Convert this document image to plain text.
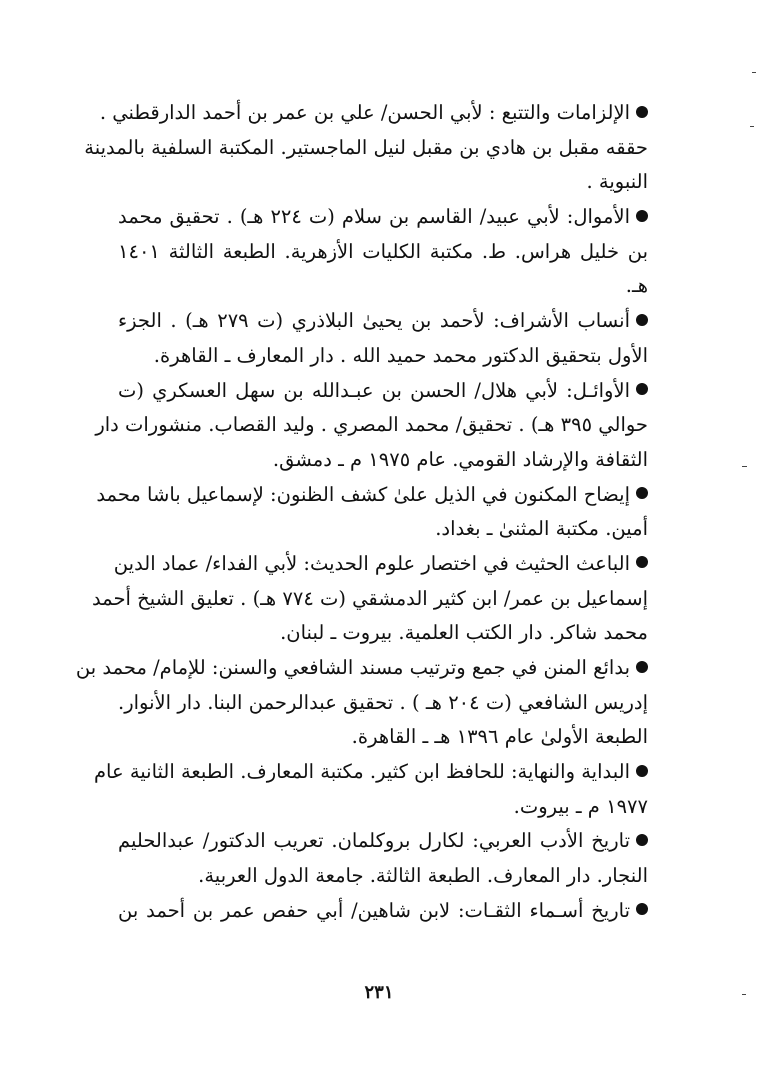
الإلزامات والتتبع : لأبي الحسن/ علي بن عمر بن أحمد الدارقطني .
حققه مقبل بن هادي بن مقبل لنيل الماجستير. المكتبة السلفية بالمدينة
النبوية .
الأموال: لأبي عبيد/ القاسم بن سلام (ت ٢٢٤ هـ) . تحقيق محمد
بن خليل هراس. ط. مكتبة الكليات الأزهرية. الطبعة الثالثة ١٤٠١
هـ.
أنساب الأشراف: لأحمد بن يحيىٰ البلاذري (ت ٢٧٩ هـ) . الجزء
الأول بتحقيق الدكتور محمد حميد الله . دار المعارف ـ القاهرة.
الأوائـل: لأبي هلال/ الحسن بن عبـدالله بن سهل العسكري (ت
حوالي ٣٩٥ هـ) . تحقيق/ محمد المصري . وليد القصاب. منشورات دار
الثقافة والإرشاد القومي. عام ١٩٧٥ م ـ دمشق.
إيضاح المكنون في الذيل علىٰ كشف الظنون: لإسماعيل باشا محمد
أمين. مكتبة المثنىٰ ـ بغداد.
الباعث الحثيث في اختصار علوم الحديث: لأبي الفداء/ عماد الدين
إسماعيل بن عمر/ ابن كثير الدمشقي (ت ٧٧٤ هـ) . تعليق الشيخ أحمد
محمد شاكر. دار الكتب العلمية. بيروت ـ لبنان.
بدائع المنن في جمع وترتيب مسند الشافعي والسنن: للإمام/ محمد بن
إدريس الشافعي (ت ٢٠٤ هـ ) . تحقيق عبدالرحمن البنا. دار الأنوار.
الطبعة الأولىٰ عام ١٣٩٦ هـ ـ القاهرة.
البداية والنهاية: للحافظ ابن كثير. مكتبة المعارف. الطبعة الثانية عام
١٩٧٧ م ـ بيروت.
تاريخ الأدب العربي: لكارل بروكلمان. تعريب الدكتور/ عبدالحليم
النجار. دار المعارف. الطبعة الثالثة. جامعة الدول العربية.
تاريخ أسـماء الثقـات: لابن شاهين/ أبي حفص عمر بن أحمد بن
٢٣١
